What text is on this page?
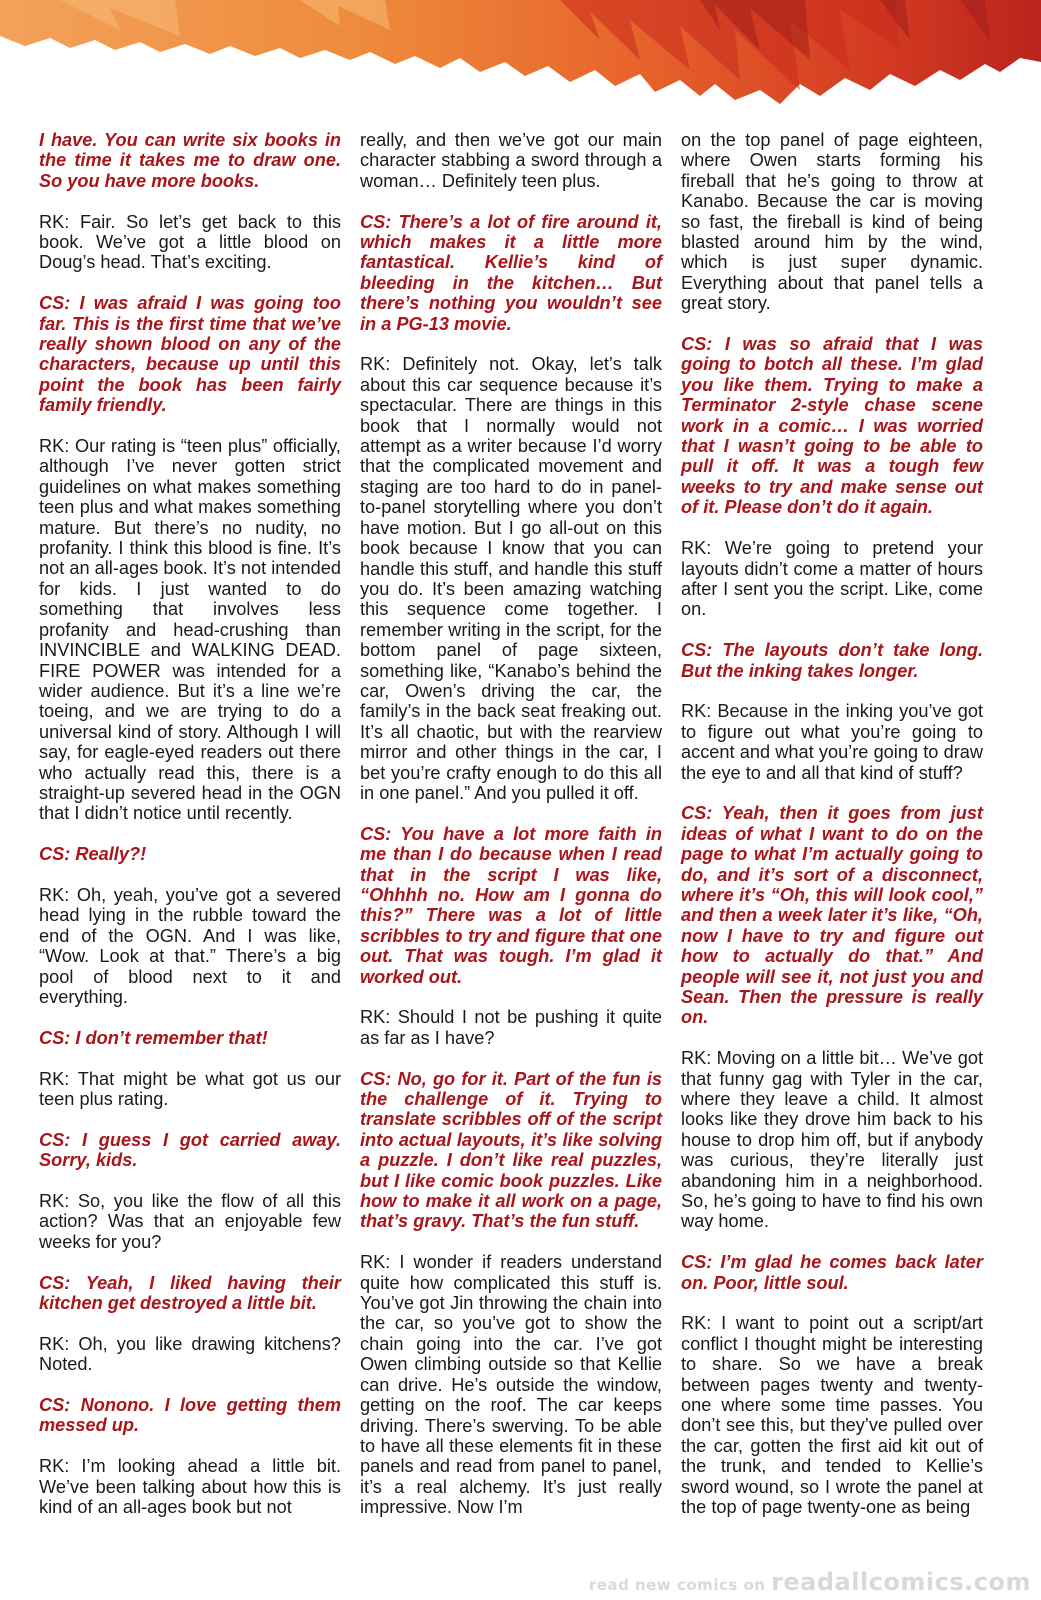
I have. You can write six books in the time it takes me to draw one. So you have more books.

RK: Fair. So let’s get back to this book. We’ve got a little blood on Doug’s head. That’s exciting.

CS: I was afraid I was going too far. This is the first time that we’ve really shown blood on any of the characters, because up until this point the book has been fairly family friendly.

RK: Our rating is “teen plus” officially, although I’ve never gotten strict guidelines on what makes something teen plus and what makes something mature. But there’s no nudity, no profanity. I think this blood is fine. It’s not an all-ages book. It’s not intended for kids. I just wanted to do something that involves less profanity and head-crushing than INVINCIBLE and WALKING DEAD. FIRE POWER was intended for a wider audience. But it’s a line we’re toeing, and we are trying to do a universal kind of story. Although I will say, for eagle-eyed readers out there who actually read this, there is a straight-up severed head in the OGN that I didn’t notice until recently.

CS: Really?!

RK: Oh, yeah, you’ve got a severed head lying in the rubble toward the end of the OGN. And I was like, “Wow. Look at that.” There’s a big pool of blood next to it and everything.

CS: I don’t remember that!

RK: That might be what got us our teen plus rating.

CS: I guess I got carried away. Sorry, kids.

RK: So, you like the flow of all this action? Was that an enjoyable few weeks for you?

CS: Yeah, I liked having their kitchen get destroyed a little bit.

RK: Oh, you like drawing kitchens? Noted.

CS: Nonono. I love getting them messed up.

RK: I’m looking ahead a little bit. We’ve been talking about how this is kind of an all-ages book but not

really, and then we’ve got our main character stabbing a sword through a woman… Definitely teen plus.

CS: There’s a lot of fire around it, which makes it a little more fantastical. Kellie’s kind of bleeding in the kitchen… But there’s nothing you wouldn’t see in a PG-13 movie.

RK: Definitely not. Okay, let’s talk about this car sequence because it’s spectacular. There are things in this book that I normally would not attempt as a writer because I’d worry that the complicated movement and staging are too hard to do in panel-to-panel storytelling where you don’t have motion. But I go all-out on this book because I know that you can handle this stuff, and handle this stuff you do. It’s been amazing watching this sequence come together. I remember writing in the script, for the bottom panel of page sixteen, something like, “Kanabo’s behind the car, Owen’s driving the car, the family’s in the back seat freaking out. It’s all chaotic, but with the rearview mirror and other things in the car, I bet you’re crafty enough to do this all in one panel.” And you pulled it off.

CS: You have a lot more faith in me than I do because when I read that in the script I was like, “Ohhhh no. How am I gonna do this?” There was a lot of little scribbles to try and figure that one out. That was tough. I’m glad it worked out.

RK: Should I not be pushing it quite as far as I have?

CS: No, go for it. Part of the fun is the challenge of it. Trying to translate scribbles off of the script into actual layouts, it’s like solving a puzzle. I don’t like real puzzles, but I like comic book puzzles. Like how to make it all work on a page, that’s gravy. That’s the fun stuff.

RK: I wonder if readers understand quite how complicated this stuff is. You’ve got Jin throwing the chain into the car, so you’ve got to show the chain going into the car. I’ve got Owen climbing outside so that Kellie can drive. He’s outside the window, getting on the roof. The car keeps driving. There’s swerving. To be able to have all these elements fit in these panels and read from panel to panel, it’s a real alchemy. It’s just really impressive. Now I’m

on the top panel of page eighteen, where Owen starts forming his fireball that he’s going to throw at Kanabo. Because the car is moving so fast, the fireball is kind of being blasted around him by the wind, which is just super dynamic. Everything about that panel tells a great story.

CS: I was so afraid that I was going to botch all these. I’m glad you like them. Trying to make a Terminator 2-style chase scene work in a comic… I was worried that I wasn’t going to be able to pull it off. It was a tough few weeks to try and make sense out of it. Please don’t do it again.

RK: We’re going to pretend your layouts didn’t come a matter of hours after I sent you the script. Like, come on.

CS: The layouts don’t take long. But the inking takes longer.

RK: Because in the inking you’ve got to figure out what you’re going to accent and what you’re going to draw the eye to and all that kind of stuff?

CS: Yeah, then it goes from just ideas of what I want to do on the page to what I’m actually going to do, and it’s sort of a disconnect, where it’s “Oh, this will look cool,” and then a week later it’s like, “Oh, now I have to try and figure out how to actually do that.” And people will see it, not just you and Sean. Then the pressure is really on.

RK: Moving on a little bit… We’ve got that funny gag with Tyler in the car, where they leave a child. It almost looks like they drove him back to his house to drop him off, but if anybody was curious, they’re literally just abandoning him in a neighborhood. So, he’s going to have to find his own way home.

CS: I’m glad he comes back later on. Poor, little soul.

RK: I want to point out a script/art conflict I thought might be interesting to share. So we have a break between pages twenty and twenty-one where some time passes. You don’t see this, but they’ve pulled over the car, gotten the first aid kit out of the trunk, and tended to Kellie’s sword wound, so I wrote the panel at the top of page twenty-one as being

read new comics on readallcomics.com
